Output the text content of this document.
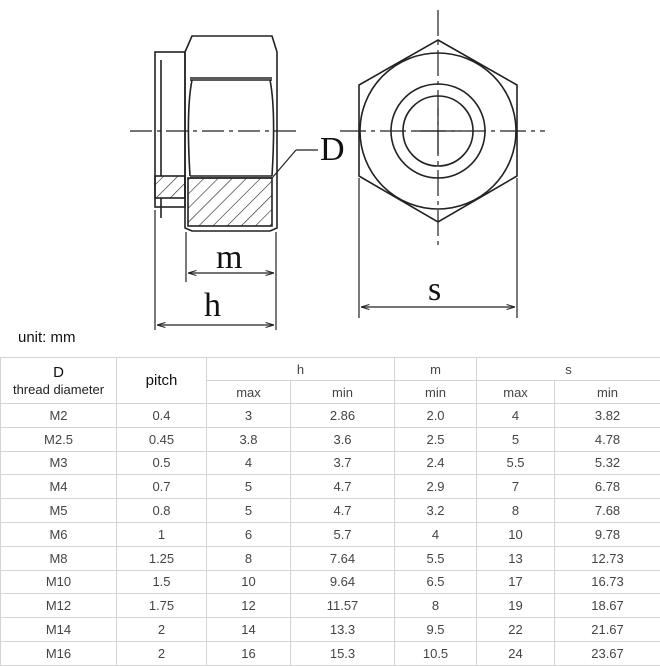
D
m
h	s
unit: mm
D
thread diameter	pitch	h		m	s	
		max	min	min	max	min
M2	0.4	3	2.86	2.0	4	3.82
M2.5	0.45	3.8	3.6	2.5	5	4.78
M3	0.5	4	3.7	2.4	5.5	5.32
M4	0.7	5	4.7	2.9	7	6.78
M5	0.8	5	4.7	3.2	8	7.68
M6	1	6	5.7	4	10	9.78
M8	1.25	8	7.64	5.5	13	12.73
M10	1.5	10	9.64	6.5	17	16.73
M12	1.75	12	11.57	8	19	18.67
M14	2	14	13.3	9.5	22	21.67
M16	2	16	15.3	10.5	24	23.67
